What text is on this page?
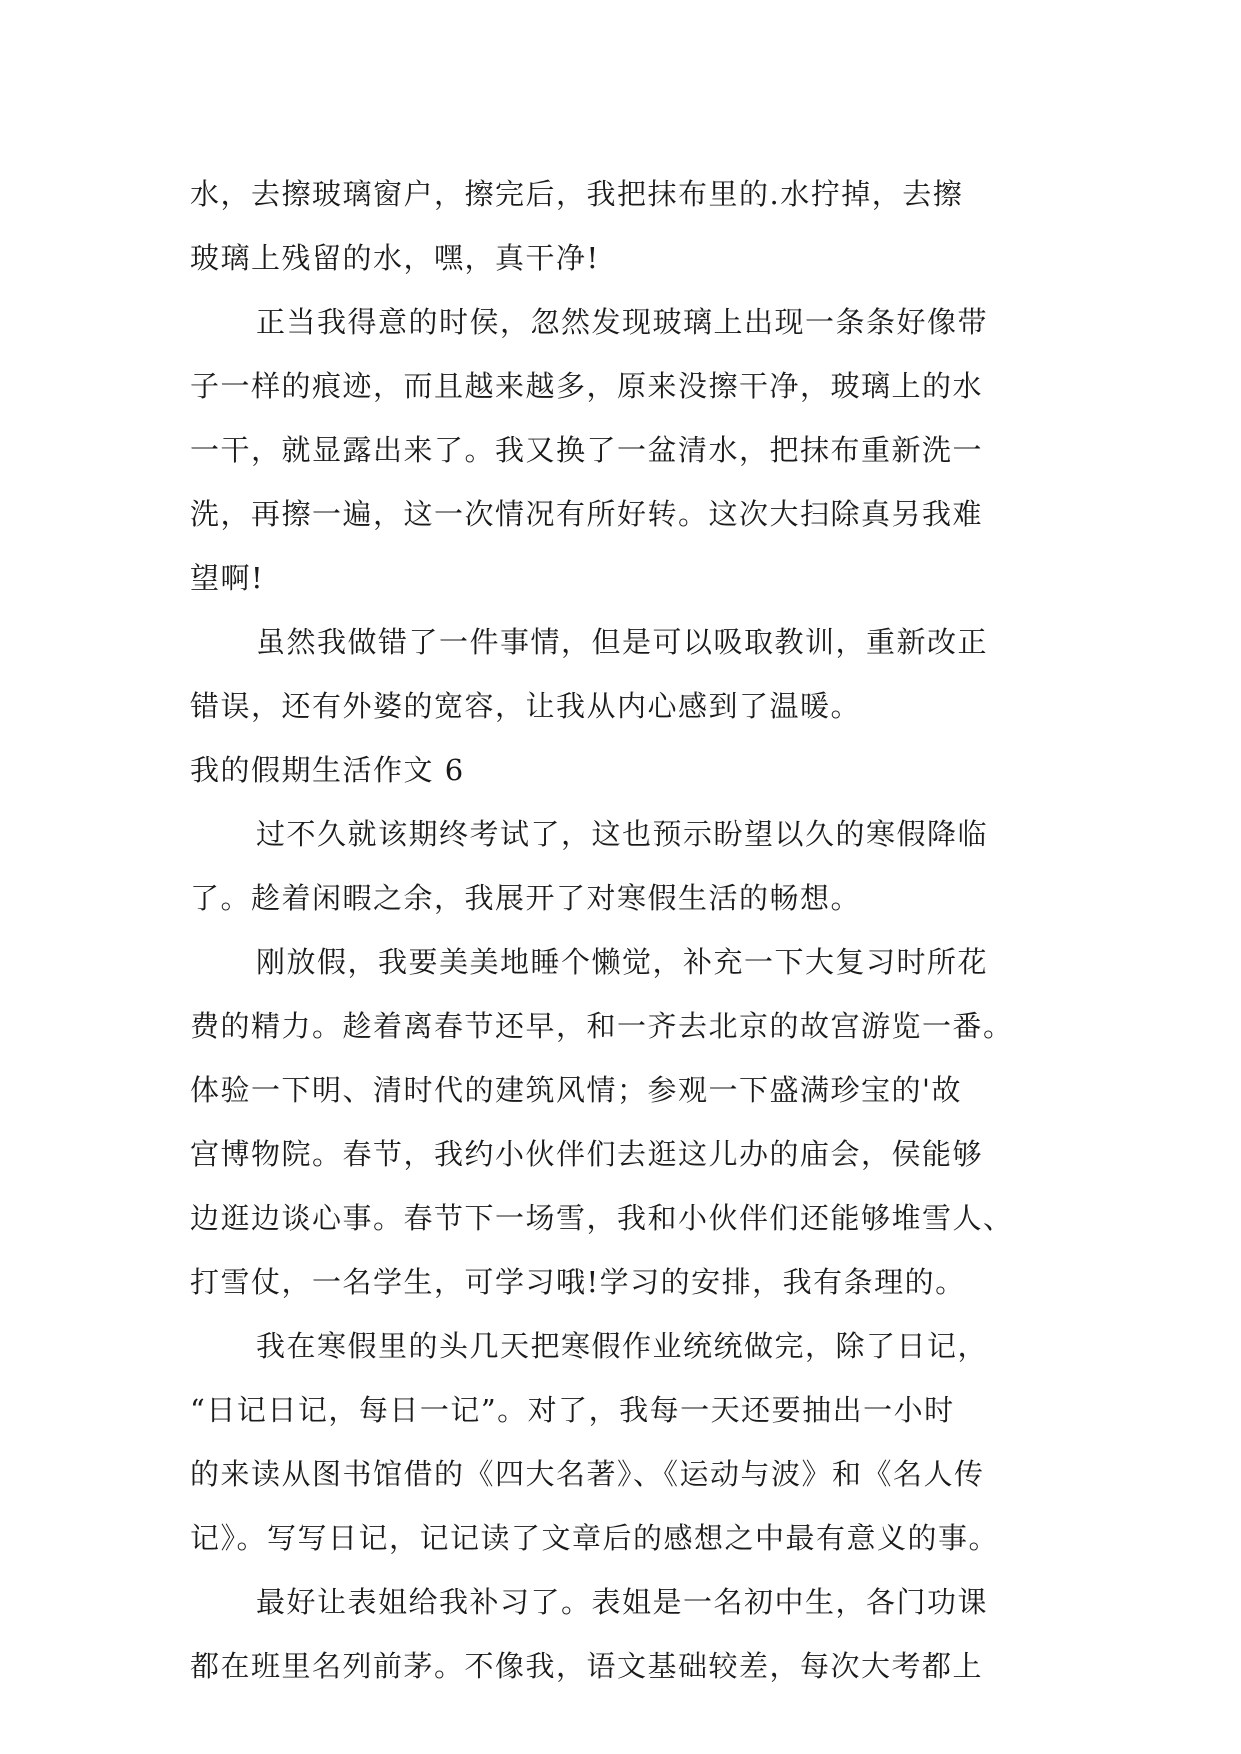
水，去擦玻璃窗户，擦完后，我把抹布里的.水拧掉，去擦
玻璃上残留的水，嘿，真干净!
正当我得意的时侯，忽然发现玻璃上出现一条条好像带
子一样的痕迹，而且越来越多，原来没擦干净，玻璃上的水
一干，就显露出来了。我又换了一盆清水，把抹布重新洗一
洗，再擦一遍，这一次情况有所好转。这次大扫除真另我难
望啊!
虽然我做错了一件事情，但是可以吸取教训，重新改正
错误，还有外婆的宽容，让我从内心感到了温暖。
我的假期生活作文 6
过不久就该期终考试了，这也预示盼望以久的寒假降临
了。趁着闲暇之余，我展开了对寒假生活的畅想。
刚放假，我要美美地睡个懒觉，补充一下大复习时所花
费的精力。趁着离春节还早，和一齐去北京的故宫游览一番。
体验一下明、清时代的建筑风情；参观一下盛满珍宝的'故
宫博物院。春节，我约小伙伴们去逛这儿办的庙会，侯能够
边逛边谈心事。春节下一场雪，我和小伙伴们还能够堆雪人、
打雪仗，一名学生，可学习哦!学习的安排，我有条理的。
我在寒假里的头几天把寒假作业统统做完，除了日记，
“日记日记，每日一记”。对了，我每一天还要抽出一小时
的来读从图书馆借的《四大名著》、《运动与波》和《名人传
记》。写写日记，记记读了文章后的感想之中最有意义的事。
最好让表姐给我补习了。表姐是一名初中生，各门功课
都在班里名列前茅。不像我，语文基础较差，每次大考都上
